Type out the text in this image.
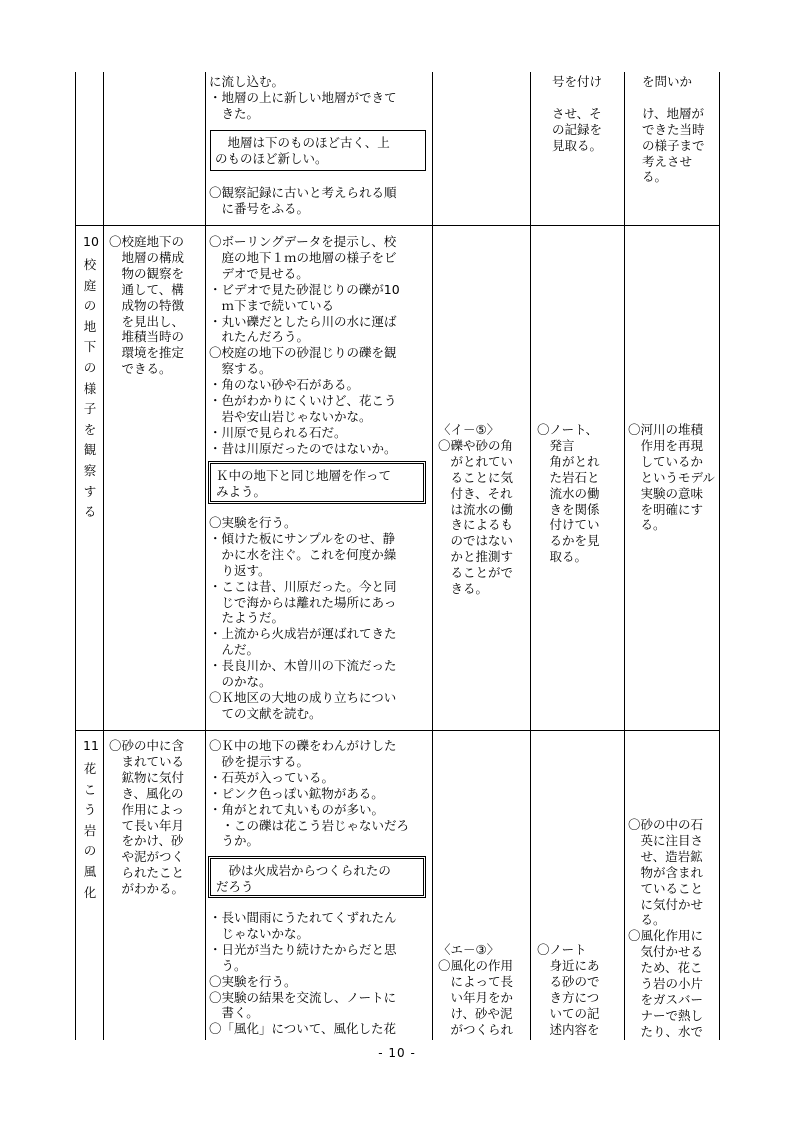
に流し込む。
・地層の上に新しい地層ができて
　きた。
　地層は下のものほど古く、上
のものほど新しい。
〇観察記録に古いと考えられる順
　に番号をふる。
号を付け

させ、そ
の記録を
見取る。
を問いか

け、地層が
できた当時
の様子まで
考えさせ
る。
10
校庭の地下の様子を観察する
〇校庭地下の
　地層の構成
　物の観察を
　通して、構
　成物の特徴
　を見出し、
　堆積当時の
　環境を推定
　できる。
〇ボーリングデータを提示し、校
　庭の地下１ｍの地層の様子をビ
　デオで見せる。
・ビデオで見た砂混じりの礫が10
　ｍ下まで続いている
・丸い礫だとしたら川の水に運ば
　れたんだろう。
〇校庭の地下の砂混じりの礫を観
　察する。
・角のない砂や石がある。
・色がわかりにくいけど、花こう
　岩や安山岩じゃないかな。
・川原で見られる石だ。
・昔は川原だったのではないか。
Ｋ中の地下と同じ地層を作って
みよう。
〇実験を行う。
・傾けた板にサンプルをのせ、静
　かに水を注ぐ。これを何度か繰
　り返す。
・ここは昔、川原だった。今と同
　じで海からは離れた場所にあっ
　たようだ。
・上流から火成岩が運ばれてきた
　んだ。
・長良川か、木曽川の下流だった
　のかな。
〇Ｋ地区の大地の成り立ちについ
　ての文献を読む。
〈イ－⑤〉
〇礫や砂の角
　がとれてい
　ることに気
　付き、それ
　は流水の働
　きによるも
　のではない
　かと推測す
　ることがで
　きる。
〇ノート、
　発言
　角がとれ
　た岩石と
　流水の働
　きを関係
　付けてい
　るかを見
　取る。
〇河川の堆積
　作用を再現
　しているか
　というモデル
　実験の意味
　を明確にす
　る。
11
花こう岩の風化
〇砂の中に含
　まれている
　鉱物に気付
　き、風化の
　作用によっ
　て長い年月
　をかけ、砂
　や泥がつく
　られたこと
　がわかる。
〇Ｋ中の地下の礫をわんがけした
　砂を提示する。
・石英が入っている。
・ピンク色っぽい鉱物がある。
・角がとれて丸いものが多い。
　・この礫は花こう岩じゃないだろ
　うか。
　砂は火成岩からつくられたの
だろう
・長い間雨にうたれてくずれたん
　じゃないかな。
・日光が当たり続けたからだと思
　う。
〇実験を行う。
〇実験の結果を交流し、ノートに
　書く。
〇「風化」について、風化した花
〈エ－③〉
〇風化の作用
　によって長
　い年月をか
　け、砂や泥
　がつくられ
〇ノート
　身近にあ
　る砂ので
　き方につ
　いての記
　述内容を
〇砂の中の石
　英に注目さ
　せ、造岩鉱
　物が含まれ
　ていること
　に気付かせ
　る。
〇風化作用に
　気付かせる
　ため、花こ
　う岩の小片
　をガスバー
　ナーで熱し
　たり、水で
- 10 -
